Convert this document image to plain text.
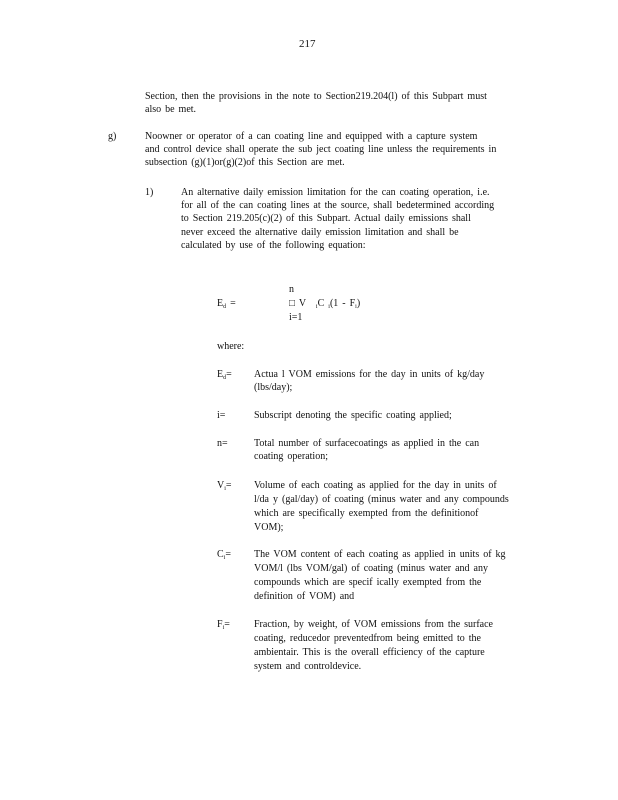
217
Section, then the provisions in the note to Section219.204(l) of this Subpart must
also be met.
g)	Noowner or operator of a can coating line and equipped with a capture system
and control device shall operate the sub ject coating line unless the requirements in
subsection (g)(1)or(g)(2)of this Section are met.
1)	An alternative daily emission limitation for the can coating operation, i.e.
for all of the can coating lines at the source, shall bedetermined according
to Section 219.205(c)(2) of this Subpart. Actual daily emissions shall
never exceed the alternative daily emission limitation and shall be
calculated by use of the following equation:
n
$E_d$ =	□ V $_i$C $_i(1 - F_i)$
i=1
where:
$E_d=$ Actua l VOM emissions for the day in units of kg/day
(lbs/day);
i=	Subscript denoting the specific coating applied;
n=	Total number of surfacecoatings as applied in the can
coating operation;
$V_i=$ Volume of each coating as applied for the day in units of
l/da y (gal/day) of coating (minus water and any compounds
which are specifically exempted from the definitionof
VOM);
$C_i=$ The VOM content of each coating as applied in units of kg
VOM/l (lbs VOM/gal) of coating (minus water and any
compounds which are specif ically exempted from the
definition of VOM) and
$F_i=$ Fraction, by weight, of VOM emissions from the surface
coating, reducedor preventedfrom being emitted to the
ambientair. This is the overall efficiency of the capture
system and controldevice.
